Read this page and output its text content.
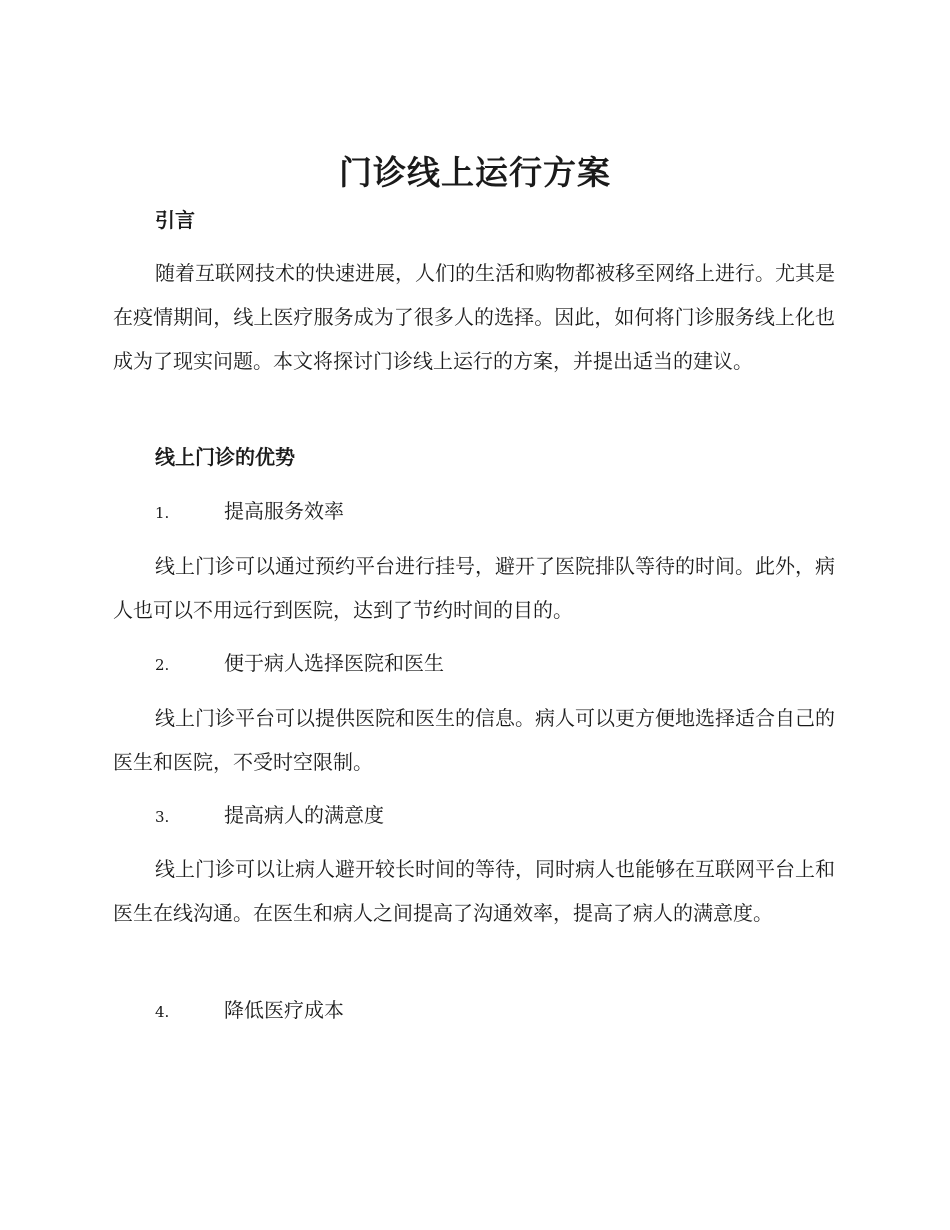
门诊线上运行方案
引言

随着互联网技术的快速进展，人们的生活和购物都被移至网络上进行。尤其是在疫情期间，线上医疗服务成为了很多人的选择。因此，如何将门诊服务线上化也成为了现实问题。本文将探讨门诊线上运行的方案，并提出适当的建议。

线上门诊的优势
1.	提高服务效率

线上门诊可以通过预约平台进行挂号，避开了医院排队等待的时间。此外，病人也可以不用远行到医院，达到了节约时间的目的。

2.	便于病人选择医院和医生

线上门诊平台可以提供医院和医生的信息。病人可以更方便地选择适合自己的医生和医院，不受时空限制。

3.	提高病人的满意度

线上门诊可以让病人避开较长时间的等待，同时病人也能够在互联网平台上和医生在线沟通。在医生和病人之间提高了沟通效率，提高了病人的满意度。

4.	降低医疗成本
